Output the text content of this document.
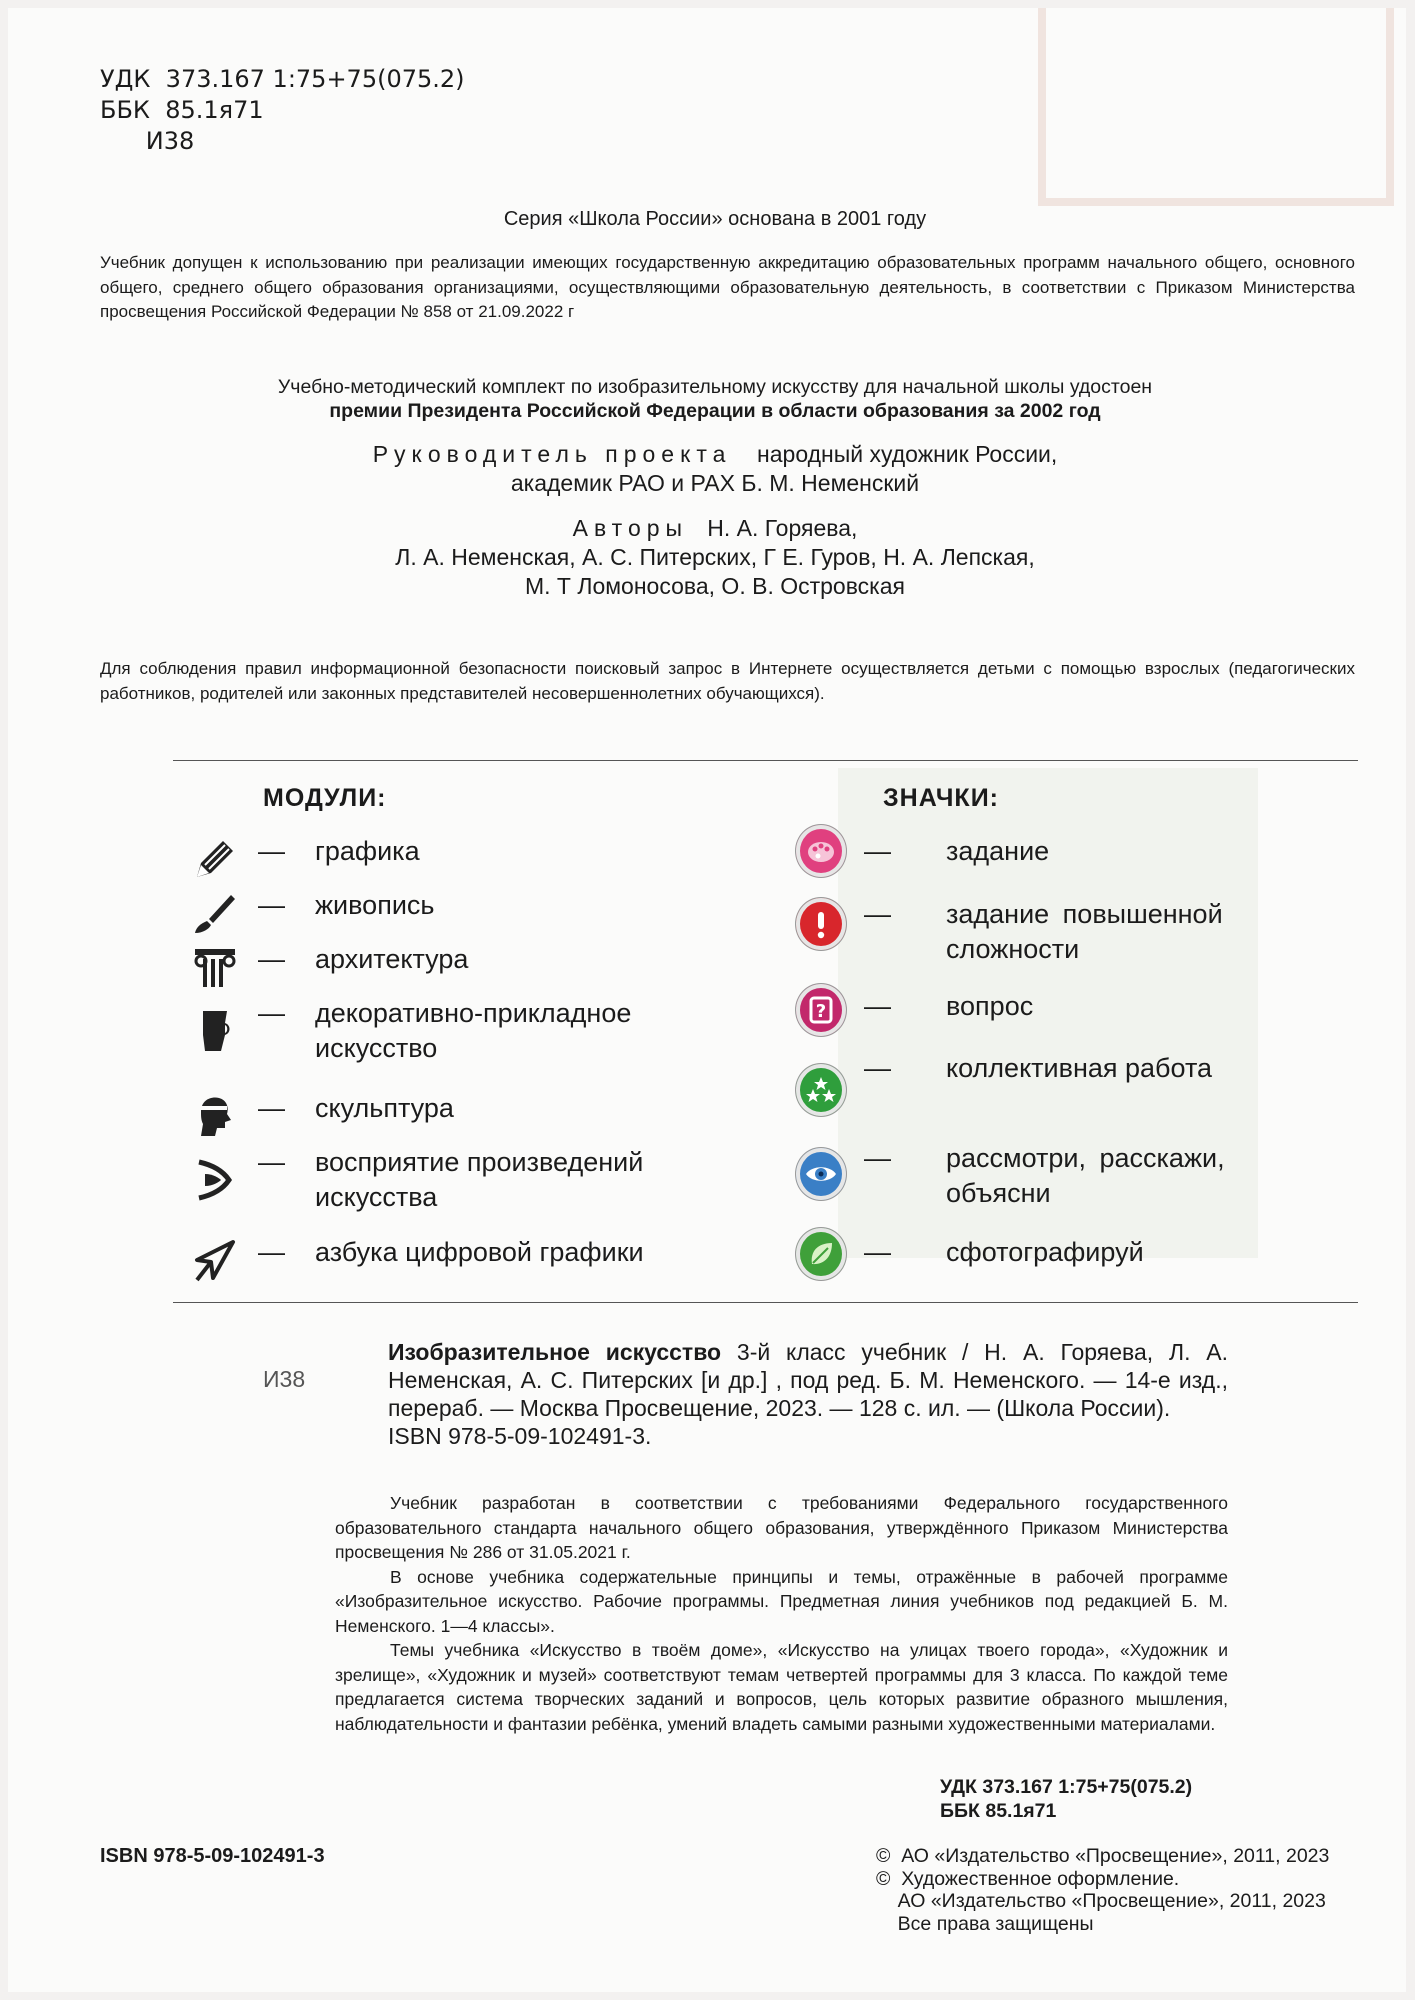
УДК  373.167 1:75+75(075.2)
ББК  85.1я71
И38
Серия «Школа России» основана в 2001 году
Учебник допущен к использованию при реализации имеющих государственную аккредитацию образовательных программ начального общего, основного общего, среднего общего образования организациями, осуществляющими образовательную деятельность, в соответствии с Приказом Министерства просвещения Российской Федерации № 858 от 21.09.2022 г
Учебно-методический комплект по изобразительному искусству для начальной школы удостоен
премии Президента Российской Федерации в области образования за 2002 год
Руководитель проекта народный художник России,
академик РАО и РАХ Б. М. Неменский
Авторы Н. А. Горяева,
Л. А. Неменская, А. С. Питерских, Г Е. Гуров, Н. А. Лепская,
М. Т Ломоносова, О. В. Островская
Для соблюдения правил информационной безопасности поисковый запрос в Интернете осуществляется детьми с помощью взрослых (педагогических работников, родителей или законных представителей несовершеннолетних обучающихся).
МОДУЛИ:
— графика
— живопись
— архитектура
— декоративно-прикладное искусство
— скульптура
— восприятие произведений искусства
— азбука цифровой графики
ЗНАЧКИ:
— задание
— задание повышенной сложности
? — вопрос
— коллективная работа
— рассмотри, расскажи, объясни
— сфотографируй
И38
Изобразительное искусство 3-й класс учебник / Н. А. Горяева, Л. А. Неменская, А. С. Питерских [и др.] , под ред. Б. М. Неменского. — 14-е изд., перераб. — Москва Просвещение, 2023. — 128 с. ил. — (Школа России).
ISBN 978-5-09-102491-3.

Учебник разработан в соответствии с требованиями Федерального государственного образовательного стандарта начального общего образования, утверждённого Приказом Министерства просвещения № 286 от 31.05.2021 г.

В основе учебника содержательные принципы и темы, отражённые в рабочей программе «Изобразительное искусство. Рабочие программы. Предметная линия учебников под редакцией Б. М. Неменского. 1—4 классы».

Темы учебника «Искусство в твоём доме», «Искусство на улицах твоего города», «Художник и зрелище», «Художник и музей» соответствуют темам четвертей программы для 3 класса. По каждой теме предлагается система творческих заданий и вопросов, цель которых развитие образного мышления, наблюдательности и фантазии ребёнка, умений владеть самыми разными художественными материалами.

УДК 373.167 1:75+75(075.2)
ББК 85.1я71
ISBN 978-5-09-102491-3	©  АО «Издательство «Просвещение», 2011, 2023
©  Художественное оформление.
АО «Издательство «Просвещение», 2011, 2023
Все права защищены
